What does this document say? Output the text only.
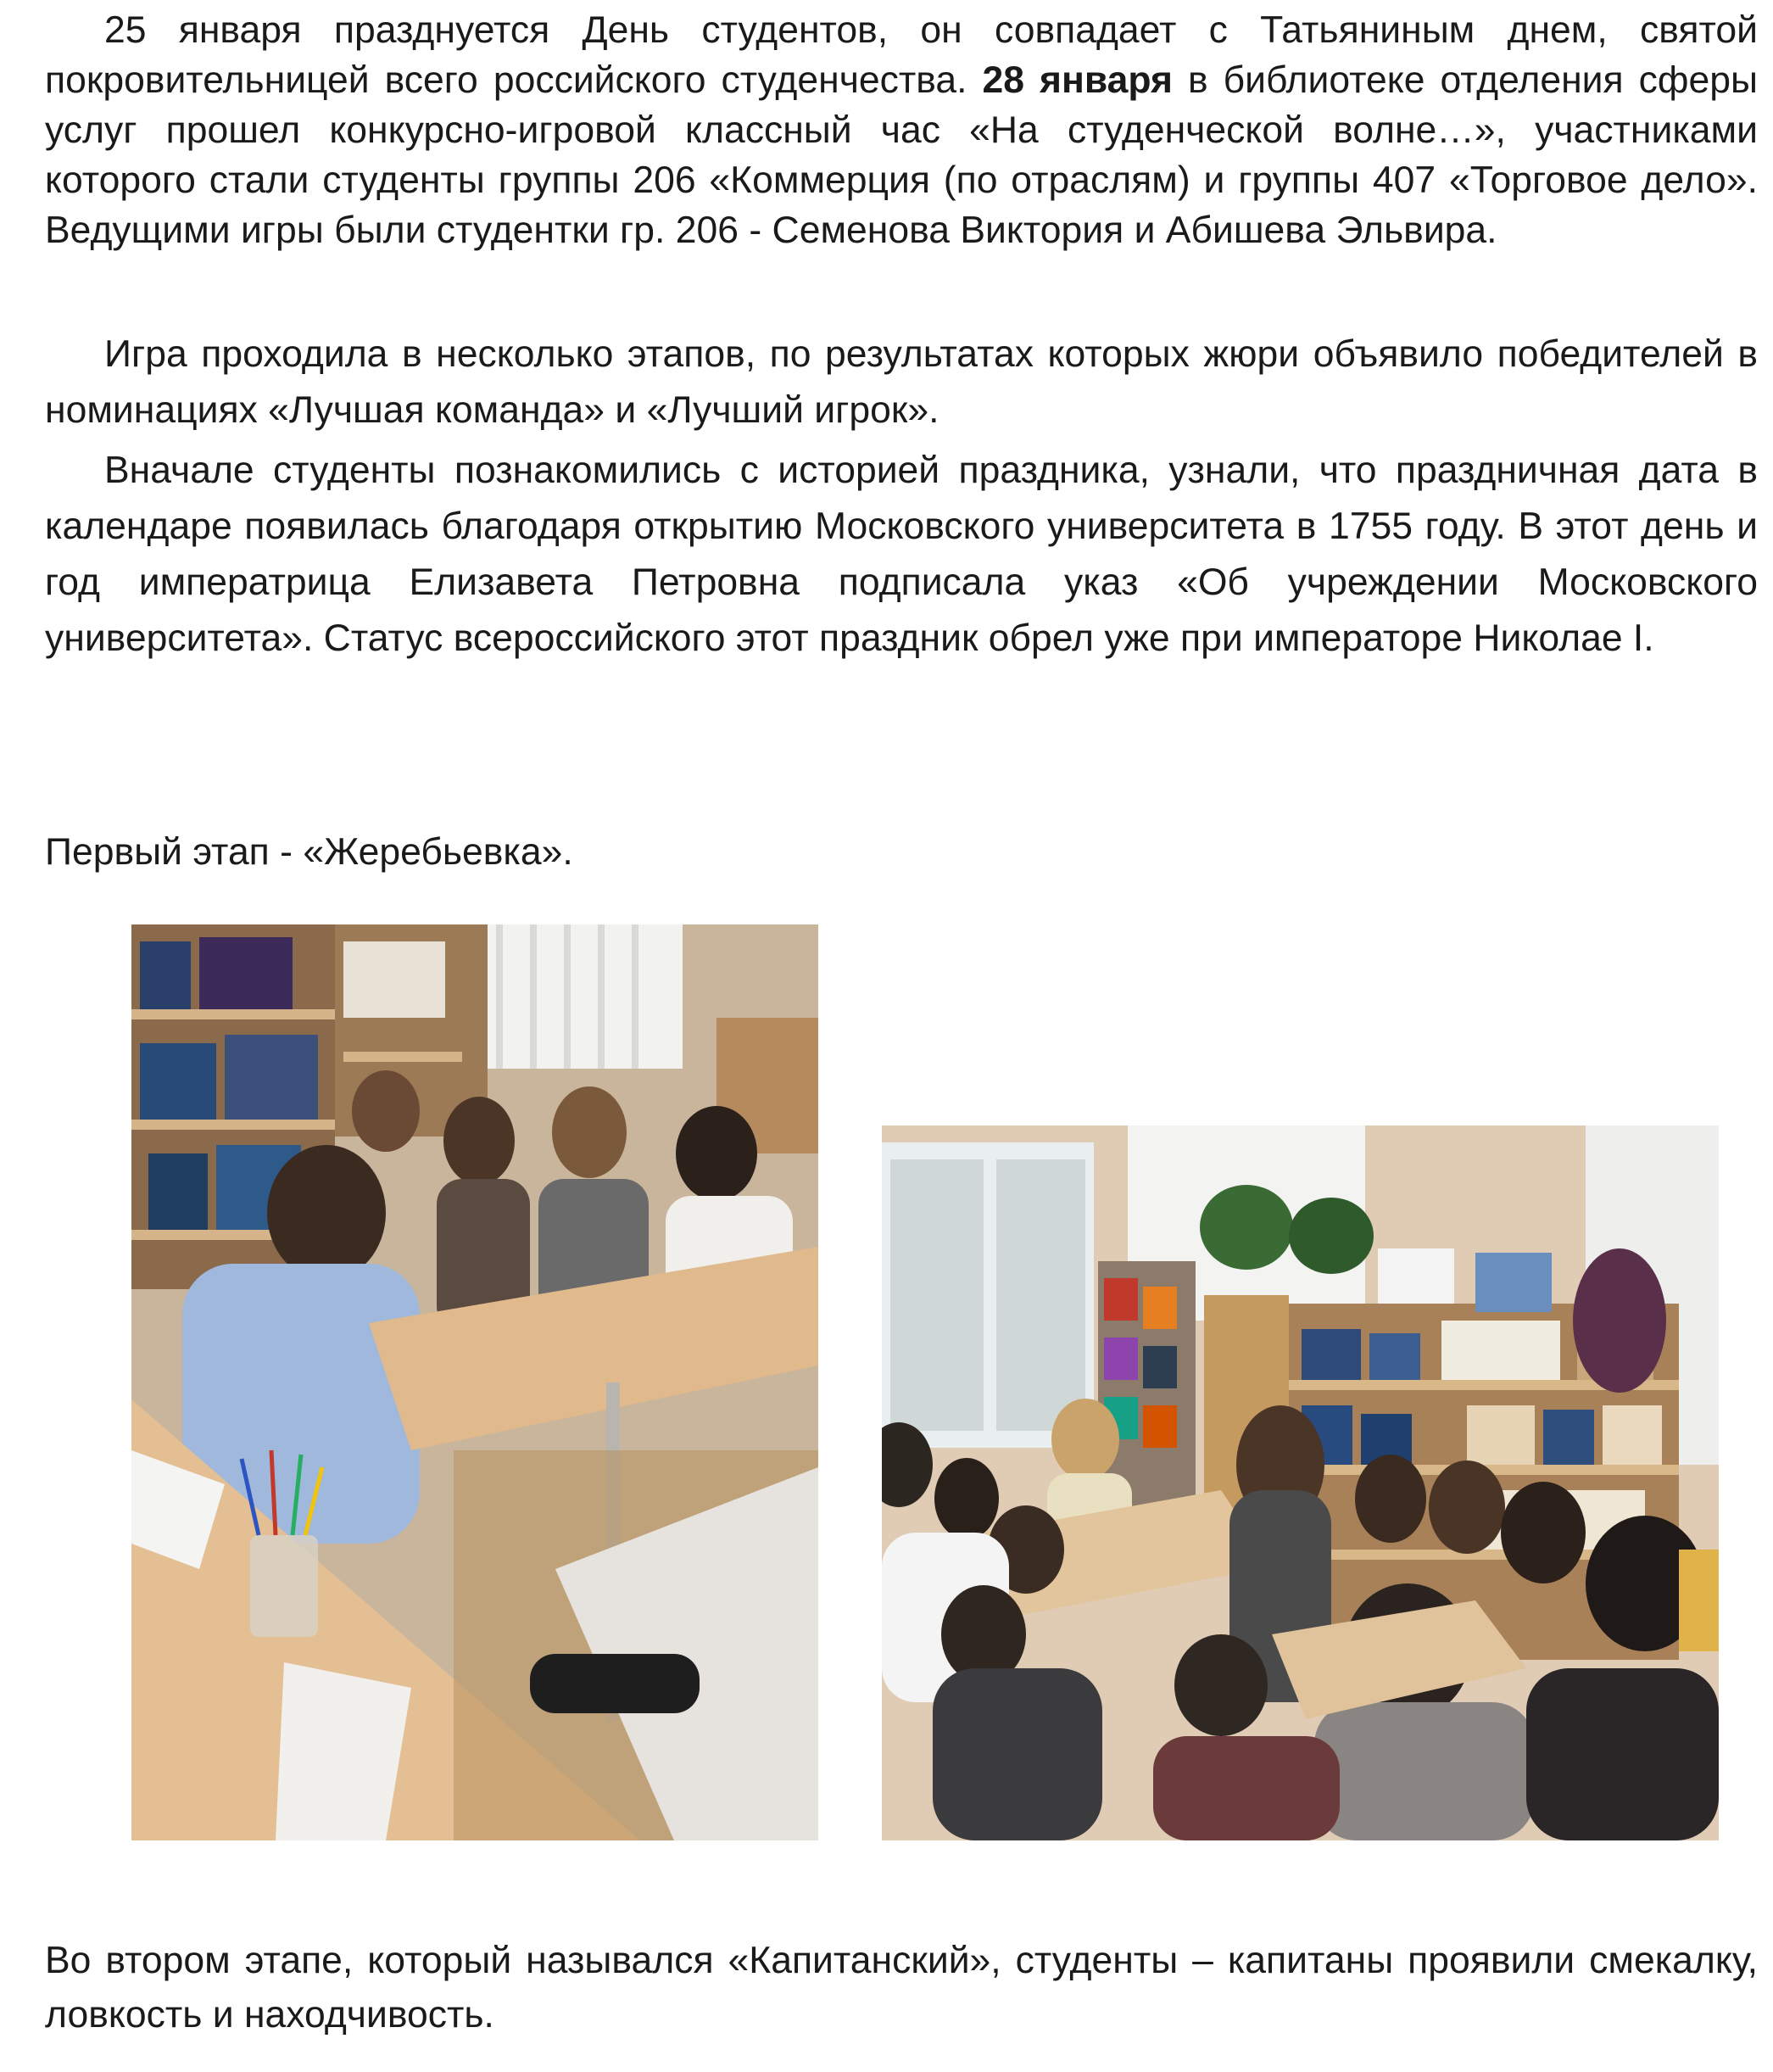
25 января празднуется День студентов, он совпадает с Татьяниным днем, святой покровительницей всего российского студенчества. 28 января в библиотеке отделения сферы услуг прошел конкурсно-игровой классный час «На студенческой волне…», участниками которого стали студенты группы 206 «Коммерция (по отраслям) и группы 407 «Торговое дело». Ведущими игры были студентки гр. 206 - Семенова Виктория и Абишева Эльвира.

Игра проходила в несколько этапов, по результатах которых жюри объявило победителей в номинациях «Лучшая команда» и «Лучший игрок».

Вначале студенты познакомились с историей праздника, узнали, что праздничная дата в календаре появилась благодаря открытию Московского университета в 1755 году. В этот день и год императрица Елизавета Петровна подписала указ «Об учреждении Московского университета». Статус всероссийского этот праздник обрел уже при императоре Николае I.

Первый этап - «Жеребьевка».

Во втором этапе, который назывался «Капитанский», студенты – капитаны проявили смекалку, ловкость и находчивость.
